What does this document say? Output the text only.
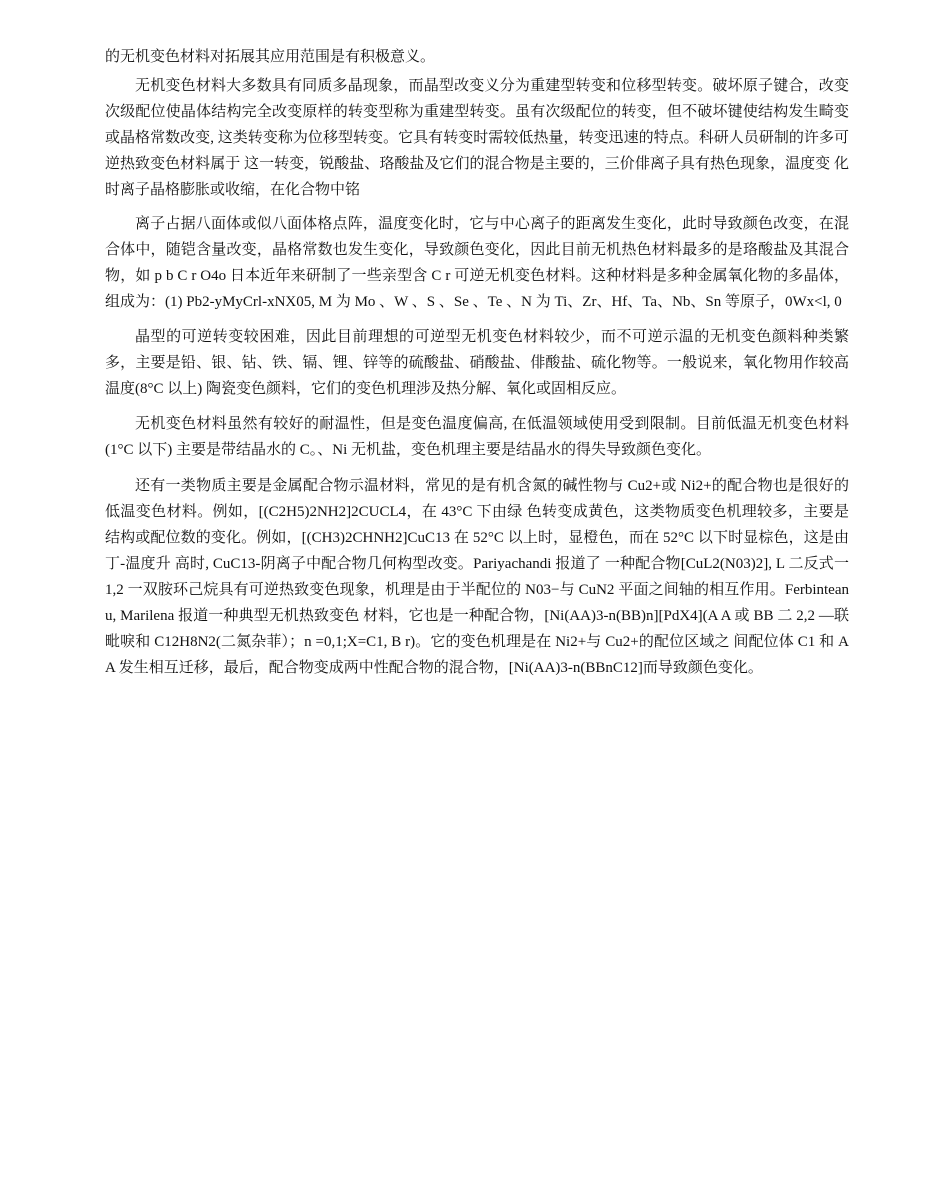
的无机变色材料对拓展其应用范围是有积极意义。

无机变色材料大多数具有同质多晶现象，而晶型改变义分为重建型转变和位移型转变。破坏原子键合，改变次级配位使晶体结构完全改变原样的转变型称为重建型转变。虽有次级配位的转变，但不破坏键使结构发生畸变或晶格常数改变, 这类转变称为位移型转变。它具有转变时需较低热量，转变迅速的特点。科研人员研制的许多可逆热致变色材料属于 这一转变，锐酸盐、珞酸盐及它们的混合物是主要的，三价俳离子具有热色现象，温度变 化时离子晶格膨胀或收缩，在化合物中铭

离子占据八面体或似八面体格点阵，温度变化时，它与中心离子的距离发生变化，此时导致颜色改变，在混合体中，随铠含量改变，晶格常数也发生变化，导致颜色变化，因此目前无机热色材料最多的是珞酸盐及其混合物，如 p b C r O4o 日本近年来研制了一些亲型含 C r 可逆无机变色材料。这种材料是多种金属氧化物的多晶体，组成为：(1) Pb2-yMyCrl-xNX05, M 为 Mo 、W 、S 、Se 、Te 、N 为 Ti、Zr、Hf、Ta、Nb、Sn 等原子，0Wx<l, 0

晶型的可逆转变较困难，因此目前理想的可逆型无机变色材料较少，而不可逆示温的无机变色颜料种类繁多，主要是铅、银、钻、铁、镉、锂、锌等的硫酸盐、硝酸盐、俳酸盐、硫化物等。一般说来，氧化物用作较高温度(8°C 以上) 陶瓷变色颜料，它们的变色机理涉及热分解、氧化或固相反应。

无机变色材料虽然有较好的耐温性，但是变色温度偏高, 在低温领域使用受到限制。目前低温无机变色材料(1°C 以下) 主要是带结晶水的 C。、Ni 无机盐，变色机理主要是结晶水的得失导致颜色变化。

还有一类物质主要是金属配合物示温材料，常见的是有机含氮的碱性物与 Cu2+或 Ni2+的配合物也是很好的低温变色材料。例如，[(C2H5)2NH2]2CUCL4，在 43°C 下由绿 色转变成黄色，这类物质变色机理较多，主要是结构或配位数的变化。例如，[(CH3)2CHNH2]CuC13 在 52°C 以上时，显橙色，而在 52°C 以下时显棕色，这是由丁-温度升 高时, CuC13-阴离子中配合物几何构型改变。Pariyachandi 报道了 一种配合物[CuL2(N03)2], L 二反式一 1,2 一双胺环己烷具有可逆热致变色现象，机理是由于半配位的 N03−与 CuN2 平面之间轴的相互作用。Ferbinteanu, Marilena 报道一种典型无机热致变色 材料，它也是一种配合物，[Ni(AA)3-n(BB)n][PdX4](A A 或 BB 二 2,2 —联毗唳和 C12H8N2(二氮杂菲）；n =0,1;X=C1, B r)。它的变色机理是在 Ni2+与 Cu2+的配位区域之 间配位体 C1 和 A A 发生相互迁移，最后，配合物变成两中性配合物的混合物，[Ni(AA)3-n(BBnC12]而导致颜色变化。
